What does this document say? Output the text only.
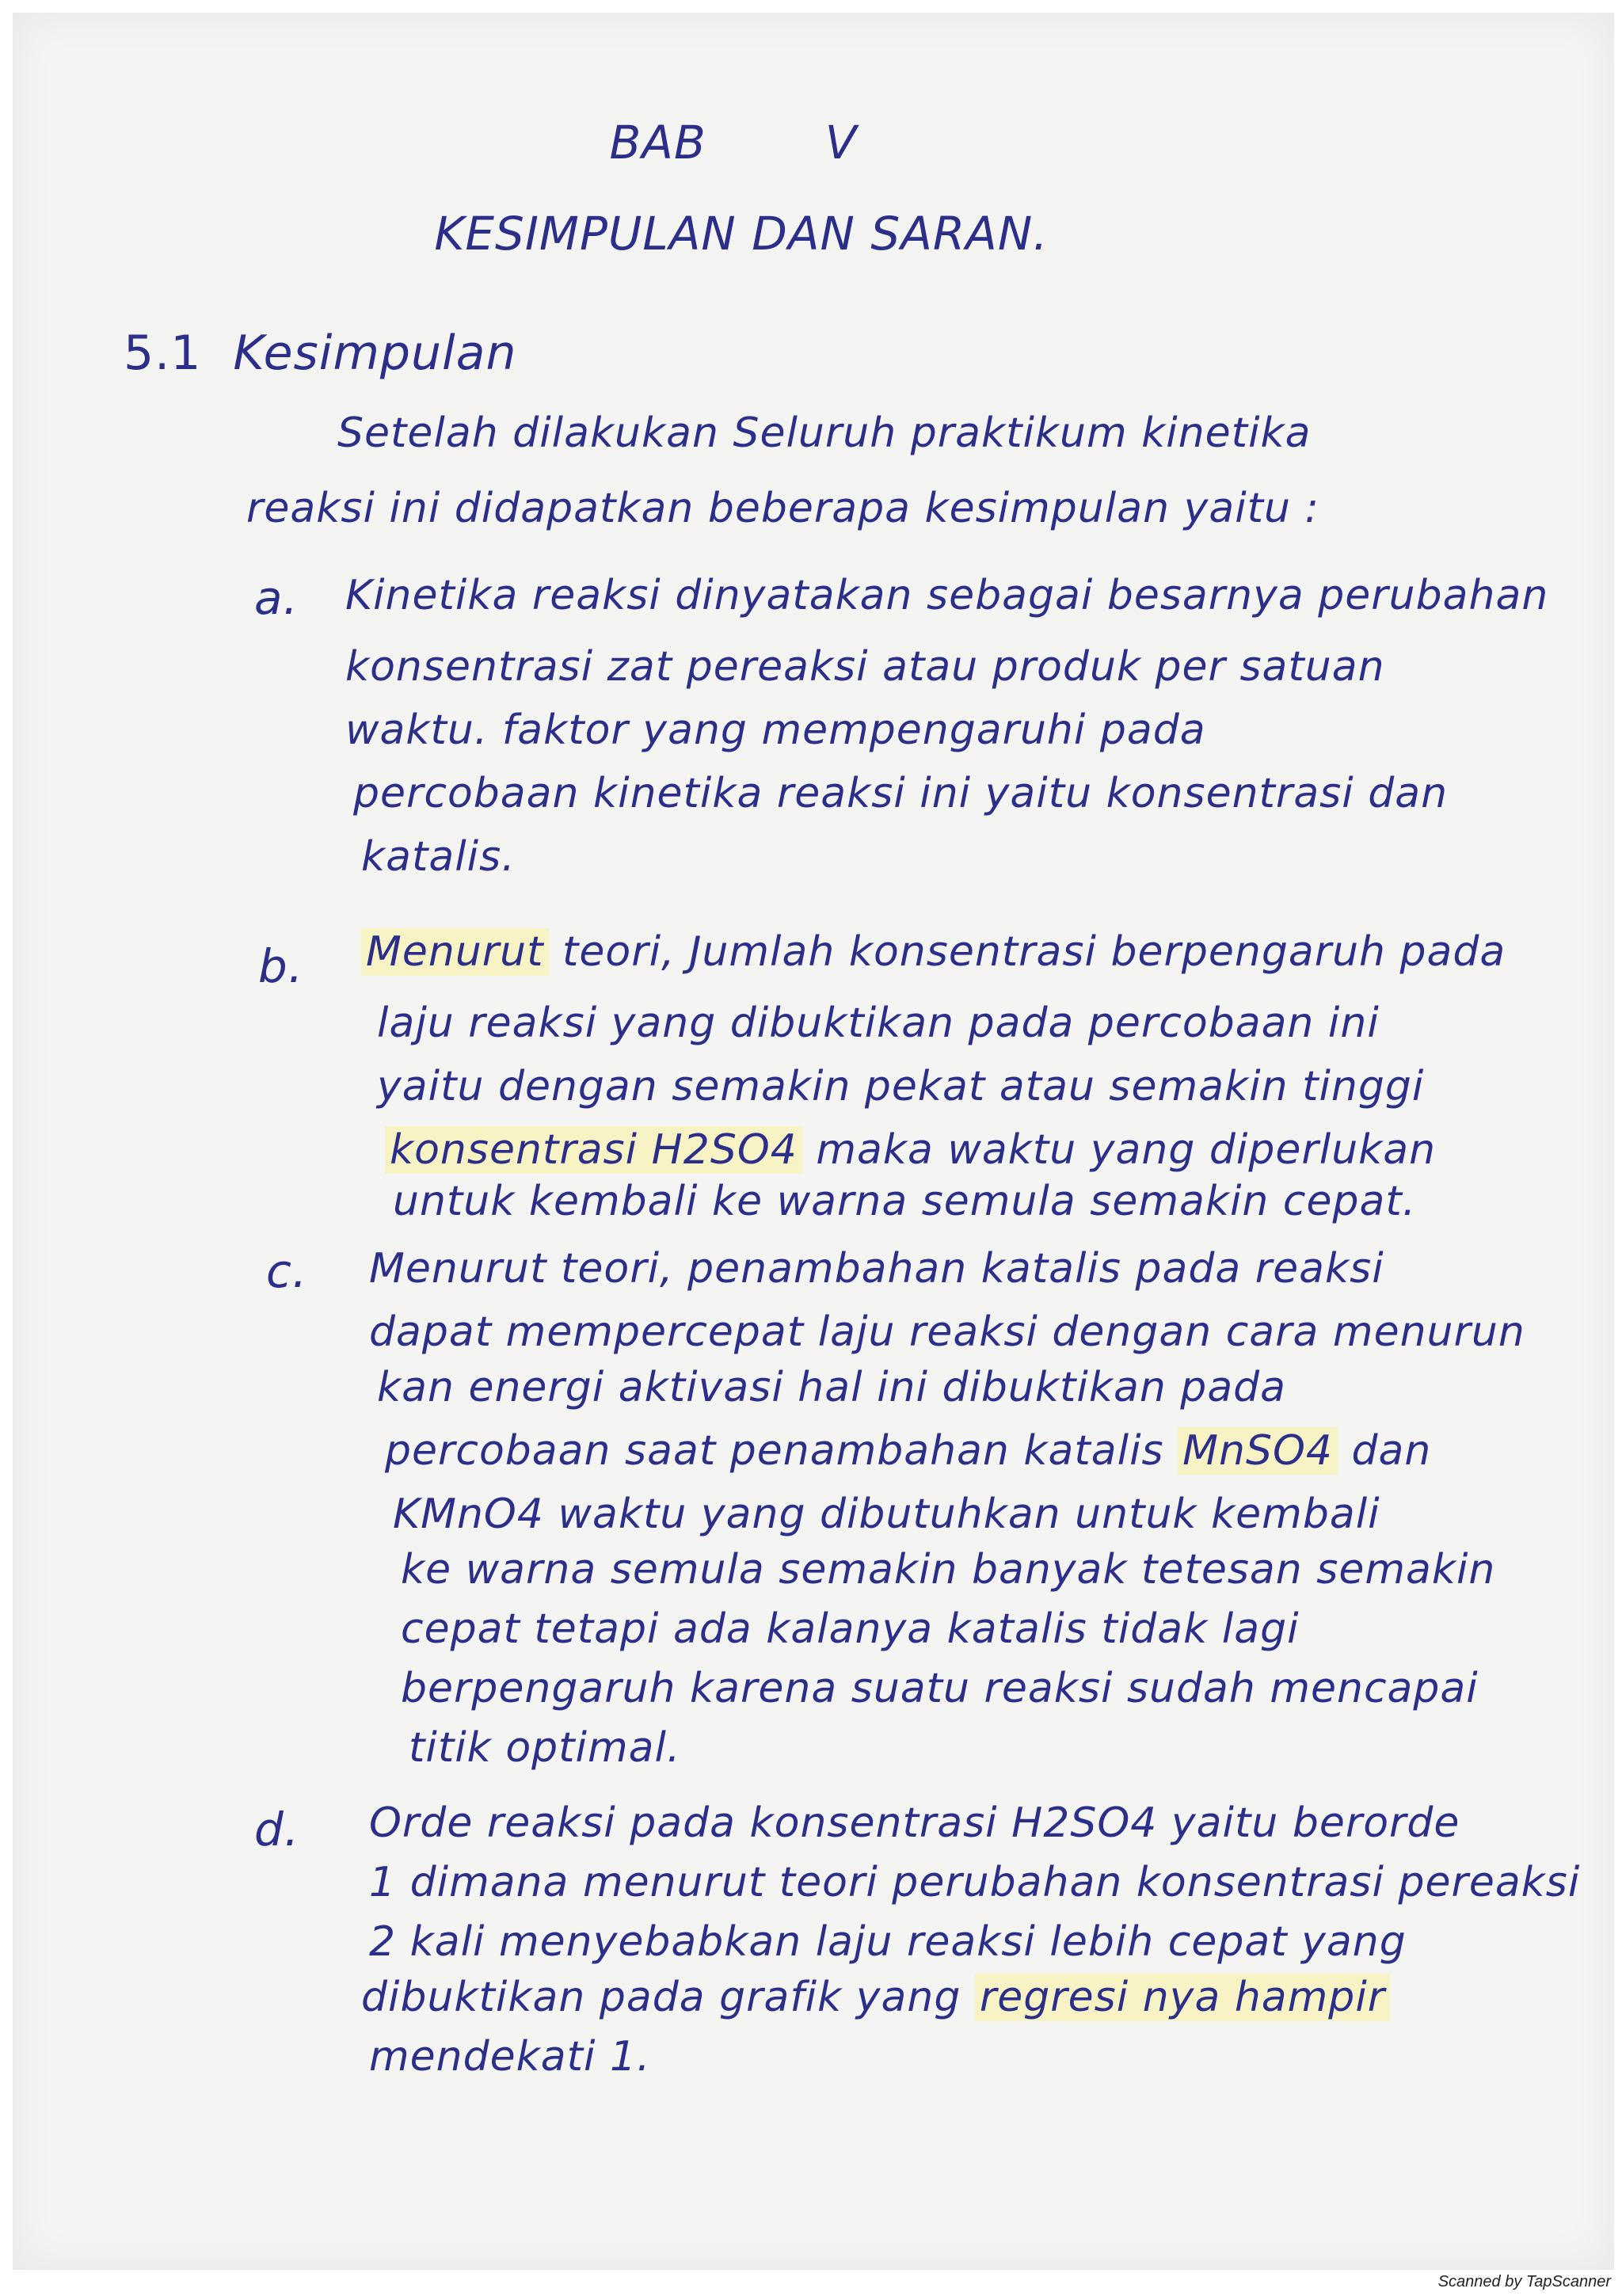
BAB	V
KESIMPULAN DAN SARAN.
5.1 Kesimpulan
Setelah dilakukan Seluruh praktikum kinetika
reaksi ini didapatkan beberapa kesimpulan yaitu :
a. Kinetika reaksi dinyatakan sebagai besarnya perubahan
konsentrasi zat pereaksi atau produk per satuan
waktu. faktor yang mempengaruhi pada
percobaan kinetika reaksi ini yaitu konsentrasi dan
katalis.
b. Menurut teori, Jumlah konsentrasi berpengaruh pada
laju reaksi yang dibuktikan pada percobaan ini
yaitu dengan semakin pekat atau semakin tinggi
konsentrasi H2SO4 maka waktu yang diperlukan
untuk kembali ke warna semula semakin cepat.
c. Menurut teori, penambahan katalis pada reaksi
dapat mempercepat laju reaksi dengan cara menurun
kan energi aktivasi hal ini dibuktikan pada
percobaan saat penambahan katalis MnSO4 dan
KMnO4 waktu yang dibutuhkan untuk kembali
ke warna semula semakin banyak tetesan semakin
cepat tetapi ada kalanya katalis tidak lagi
berpengaruh karena suatu reaksi sudah mencapai
titik optimal.
d. Orde reaksi pada konsentrasi H2SO4 yaitu berorde
1 dimana menurut teori perubahan konsentrasi pereaksi
2 kali menyebabkan laju reaksi lebih cepat yang
dibuktikan pada grafik yang regresi nya hampir
mendekati 1.
Scanned by TapScanner
